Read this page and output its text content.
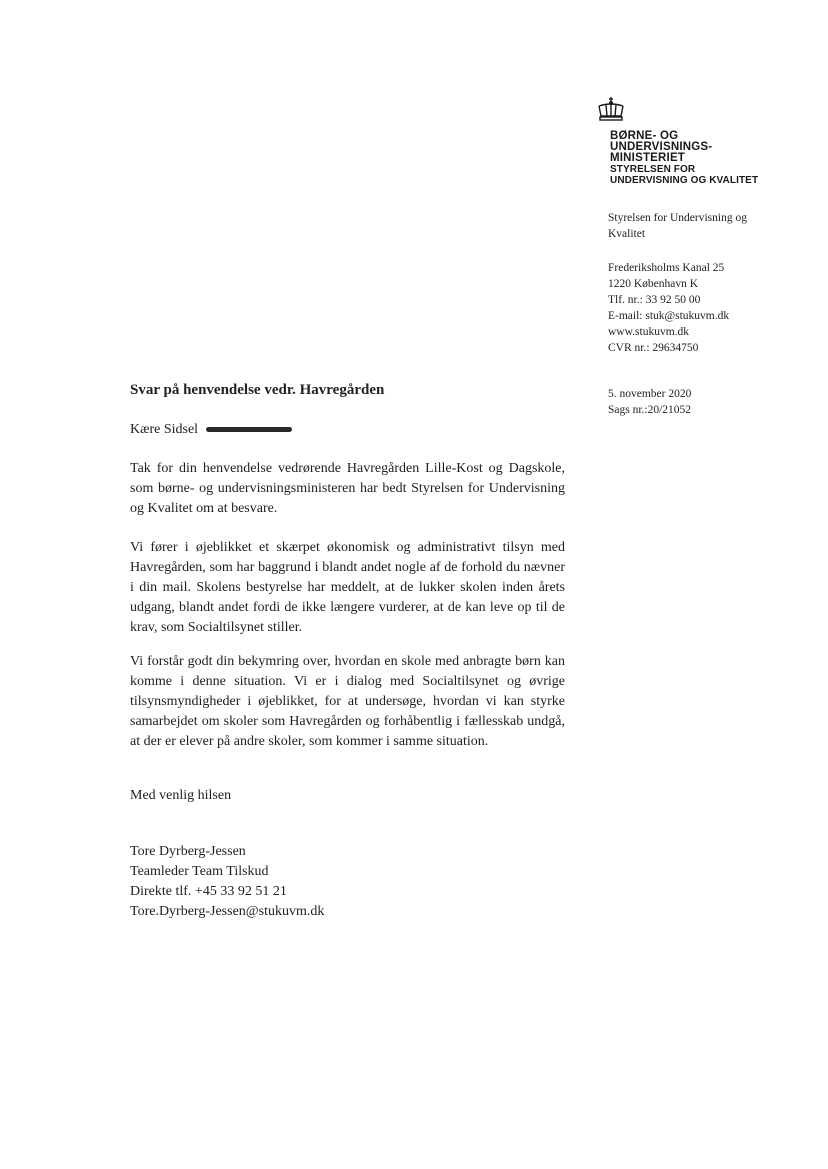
BØRNE- OG
UNDERVISNINGS-
MINISTERIET
STYRELSEN FOR
UNDERVISNING OG KVALITET
Styrelsen for Undervisning og Kvalitet
Frederiksholms Kanal 25
1220 København K
Tlf. nr.: 33 92 50 00
E-mail: stuk@stukuvm.dk
www.stukuvm.dk
CVR nr.: 29634750
5. november 2020
Sags nr.:20/21052
Svar på henvendelse vedr. Havregården
Kære Sidsel

Tak for din henvendelse vedrørende Havregården Lille-Kost og Dagskole, som børne- og undervisningsministeren har bedt Styrelsen for Undervisning og Kvalitet om at besvare.

Vi fører i øjeblikket et skærpet økonomisk og administrativt tilsyn med Havregården, som har baggrund i blandt andet nogle af de forhold du nævner i din mail. Skolens bestyrelse har meddelt, at de lukker skolen inden årets udgang, blandt andet fordi de ikke længere vurderer, at de kan leve op til de krav, som Socialtilsynet stiller.

Vi forstår godt din bekymring over, hvordan en skole med anbragte børn kan komme i denne situation. Vi er i dialog med Socialtilsynet og øvrige tilsynsmyndigheder i øjeblikket, for at undersøge, hvordan vi kan styrke samarbejdet om skoler som Havregården og forhåbentlig i fællesskab undgå, at der er elever på andre skoler, som kommer i samme situation.

Med venlig hilsen
Tore Dyrberg-Jessen
Teamleder Team Tilskud
Direkte tlf. +45 33 92 51 21
Tore.Dyrberg-Jessen@stukuvm.dk
